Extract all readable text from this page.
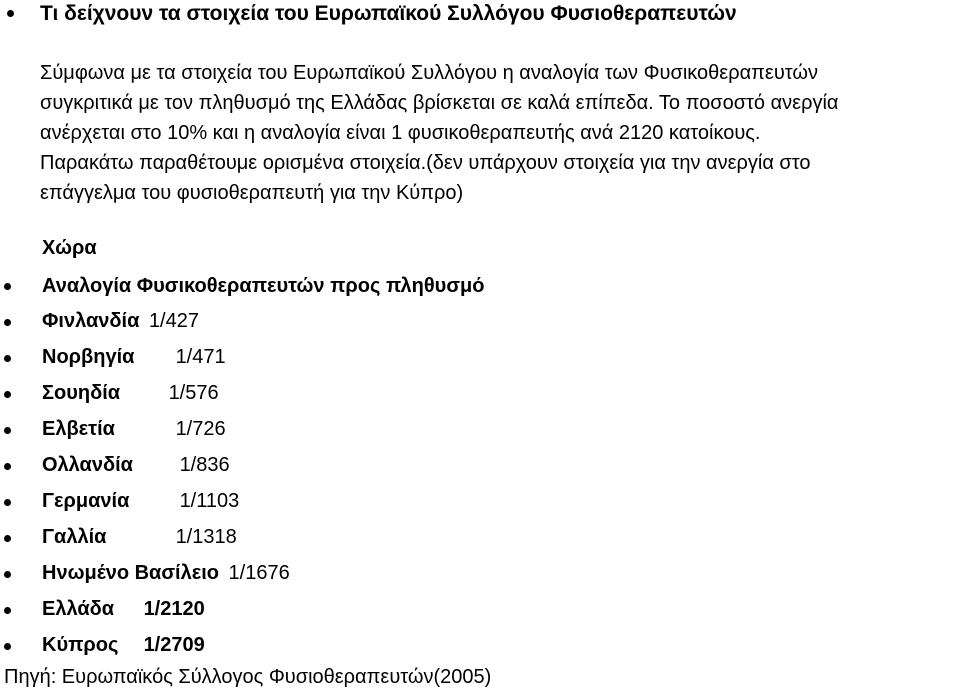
Τι δείχνουν τα στοιχεία του Ευρωπαϊκού Συλλόγου Φυσιοθεραπευτών

Σύμφωνα με τα στοιχεία του Ευρωπαϊκού Συλλόγου η αναλογία των Φυσικοθεραπευτών
συγκριτικά με τον πληθυσμό της Ελλάδας βρίσκεται σε καλά επίπεδα. Το ποσοστό ανεργία
ανέρχεται στο 10% και η αναλογία είναι 1 φυσικοθεραπευτής ανά 2120 κατοίκους.
Παρακάτω παραθέτουμε ορισμένα στοιχεία.(δεν υπάρχουν στοιχεία για την ανεργία στο
επάγγελμα του φυσιοθεραπευτή για την Κύπρο)

Χώρα
Αναλογία Φυσικοθεραπευτών προς πληθυσμό
Φινλανδία 1/427
Νορβηγία 1/471
Σουηδία 1/576
Ελβετία	1/726
Ολλανδία 1/836
Γερμανία	1/1103
Γαλλία	1/1318
Ηνωμένο Βασίλειο 1/1676
Ελλάδα 1/2120
Κύπρος 1/2709
Πηγή: Ευρωπαϊκός Σύλλογος Φυσιοθεραπευτών(2005)
